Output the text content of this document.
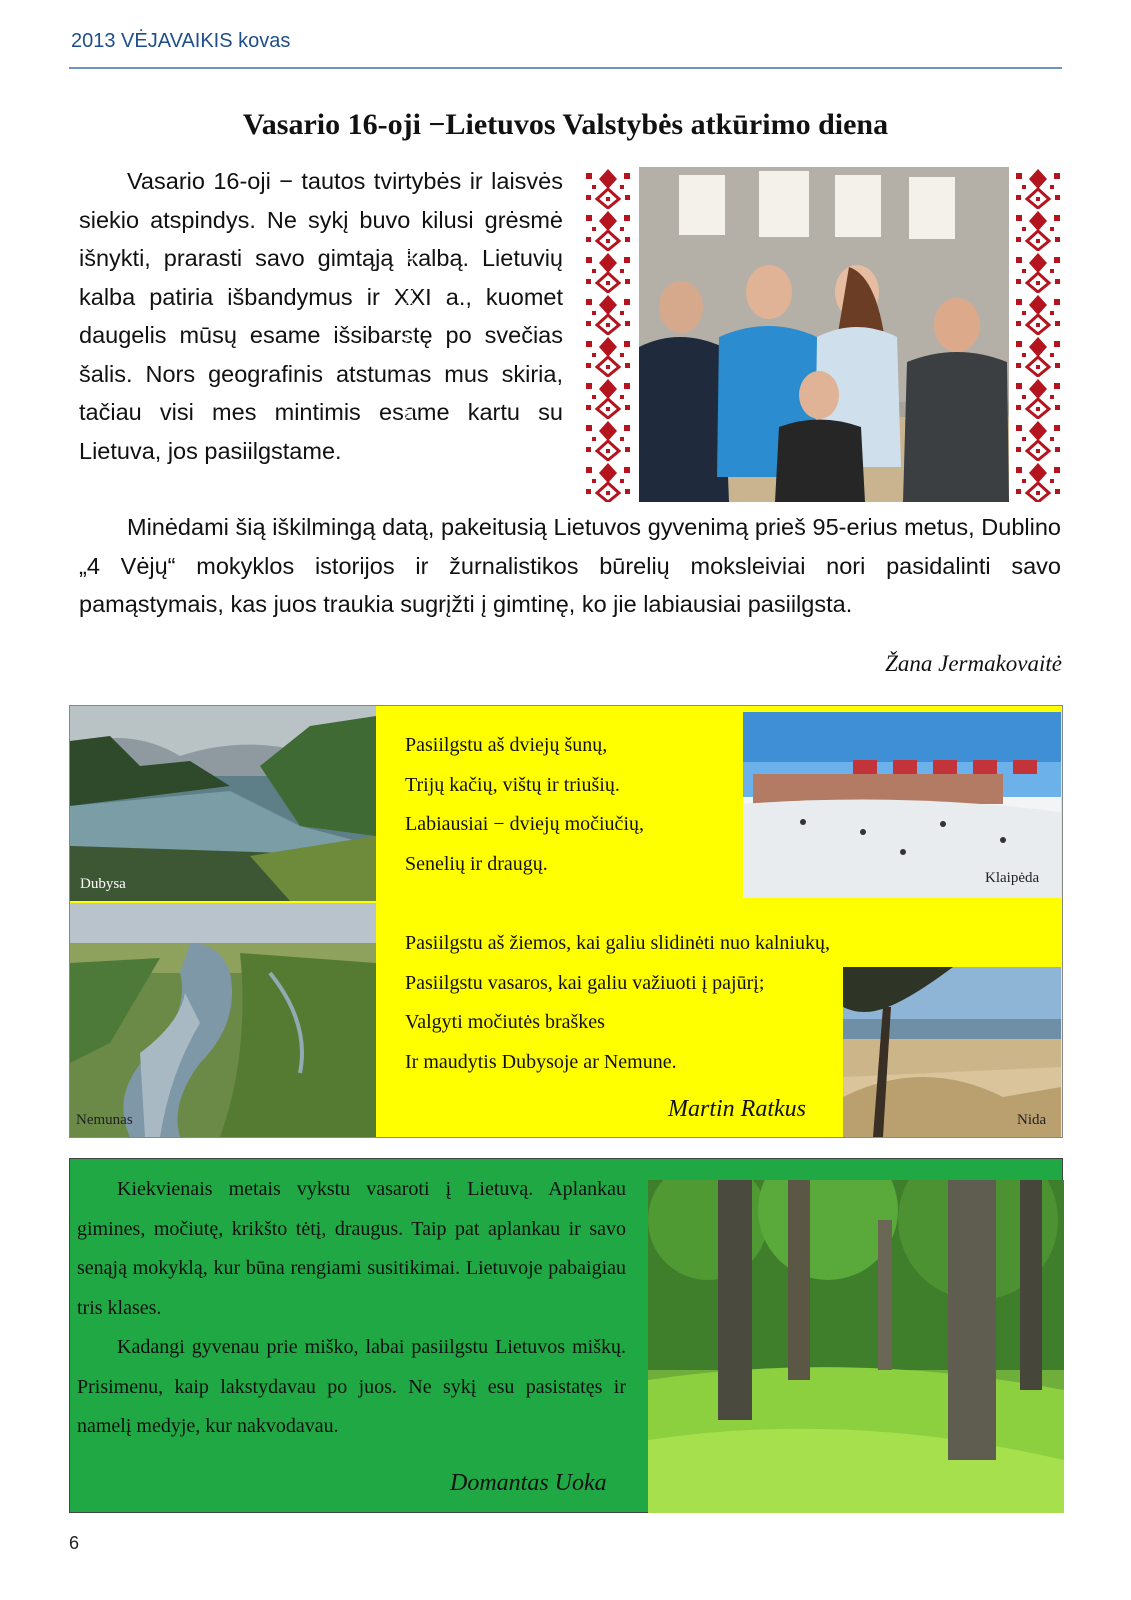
2013 VĖJAVAIKIS kovas
Vasario 16-oji −Lietuvos Valstybės atkūrimo diena

Vasario 16-oji − tautos tvirtybės ir laisvės siekio atspindys. Ne sykį buvo kilusi grėsmė išnykti, prarasti savo gimtąją kalbą. Lietuvių kalba patiria išbandymus ir XXI a., kuomet daugelis mūsų esame išsibarstę po svečias šalis. Nors geografinis atstumas mus skiria, tačiau visi mes mintimis esame kartu su Lietuva, jos pasiilgstame.

Žanos Jermakovaitės nuotrauka

Minėdami šią iškilmingą datą, pakeitusią Lietuvos gyvenimą prieš 95-erius metus, Dublino „4 Vėjų“ mokyklos istorijos ir žurnalistikos būrelių moksleiviai nori pasidalinti savo pamąstymais, kas juos traukia sugrįžti į gimtinę, ko jie labiausiai pasiilgsta.

Žana Jermakovaitė
Dubysa
Nemunas
Pasiilgstu aš dviejų šunų,
Trijų kačių, vištų ir triušių.
Labiausiai − dviejų močiučių,
Senelių ir draugų.
Klaipėda
Pasiilgstu aš žiemos, kai galiu slidinėti nuo kalniukų,
Pasiilgstu vasaros, kai galiu važiuoti į pajūrį;
Valgyti močiutės braškes
Ir maudytis Dubysoje ar Nemune.
Nida
Martin Ratkus

Kiekvienais metais vykstu vasaroti į Lietuvą. Aplankau gimines, močiutę, krikšto tėtį, draugus. Taip pat aplankau ir savo senąją mokyklą, kur būna rengiami susitikimai. Lietuvoje pabaigiau tris klases.

Kadangi gyvenau prie miško, labai pasiilgstu Lietuvos miškų. Prisimenu, kaip lakstydavau po juos. Ne sykį esu pasistatęs ir namelį medyje, kur nakvodavau.

Domantas Uoka
6
